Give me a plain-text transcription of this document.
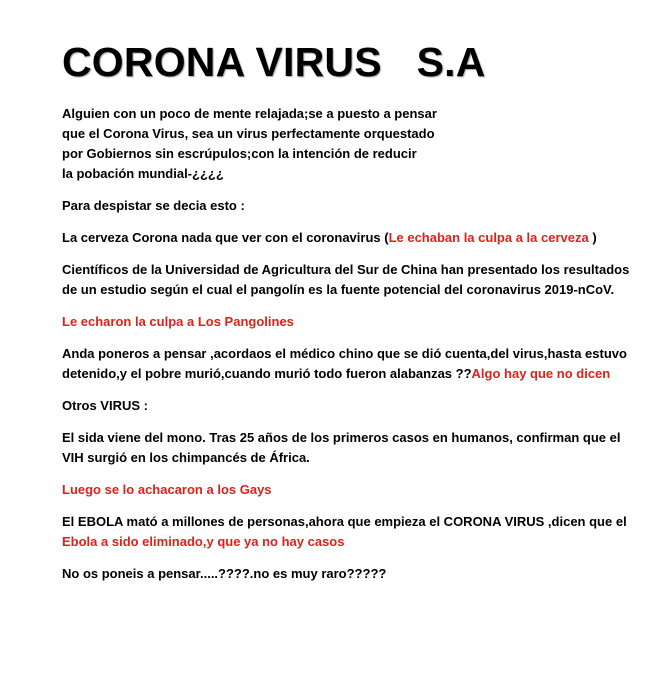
CORONA VIRUS   S.A
Alguien con un poco de mente relajada;se a puesto a pensar
que el Corona Virus, sea un virus perfectamente orquestado
por Gobiernos sin escrúpulos;con la intención de reducir
la pobación mundial-¿¿¿¿
Para despistar se decia esto :
La cerveza Corona nada que ver con el coronavirus (Le echaban la culpa a la cerveza )
Científicos de la Universidad de Agricultura del Sur de China han presentado los resultados
de un estudio según el cual el pangolín es la fuente potencial del coronavirus 2019-nCoV.
Le echaron la culpa a Los Pangolines
Anda poneros a pensar ,acordaos el médico chino que se dió cuenta,del virus,hasta estuvo
detenido,y el pobre murió,cuando murió todo fueron alabanzas ??Algo hay que no dicen
Otros VIRUS :
El sida viene del mono. Tras 25 años de los primeros casos en humanos, confirman que el
VIH surgió en los chimpancés de África.
Luego se lo achacaron a los Gays
El EBOLA mató a millones de personas,ahora que empieza el CORONA VIRUS ,dicen que el
Ebola a sido eliminado,y que ya no hay casos
No os poneis a pensar.....????.no es muy raro?????
